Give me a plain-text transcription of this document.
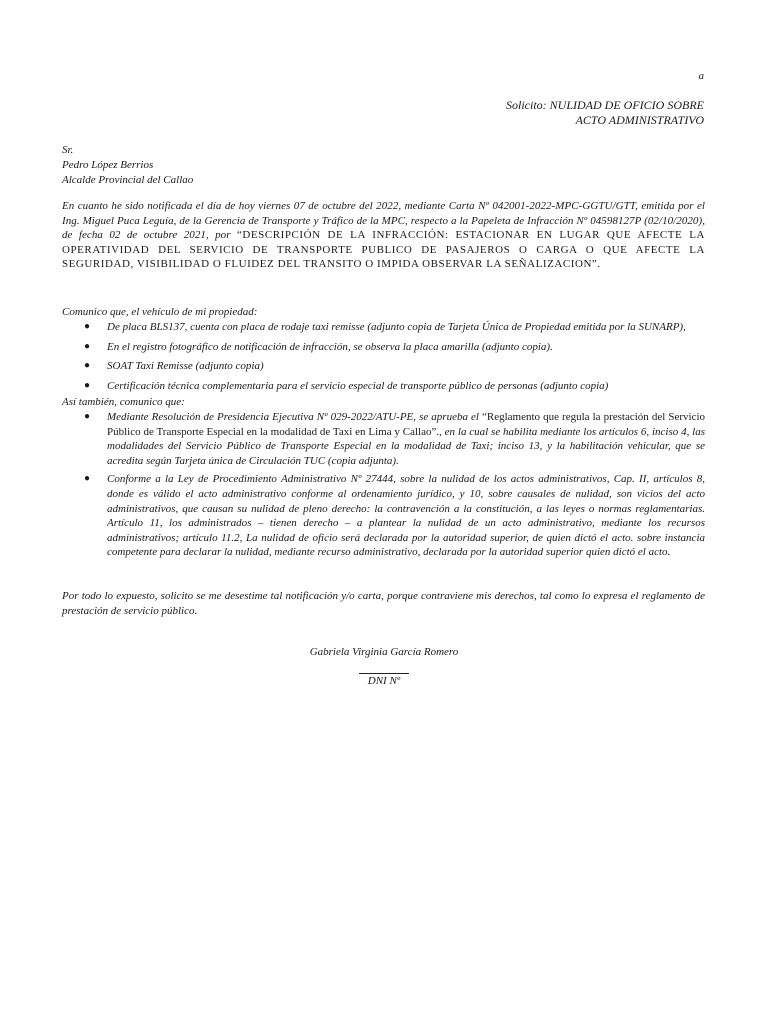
a
Solicito: NULIDAD DE OFICIO SOBRE
ACTO ADMINISTRATIVO
Sr.
Pedro López Berrios
Alcalde Provincial del Callao
En cuanto he sido notificada el día de hoy viernes 07 de octubre del 2022, mediante Carta Nº 042001-2022-MPC-GGTU/GTT, emitida por el Ing. Miguel Puca Leguía, de la Gerencia de Transporte y Tráfico de la MPC, respecto a la Papeleta de Infracción Nº 04598127P (02/10/2020), de fecha 02 de octubre 2021, por “DESCRIPCIÓN DE LA INFRACCIÓN: ESTACIONAR EN LUGAR QUE AFECTE LA OPERATIVIDAD DEL SERVICIO DE TRANSPORTE PUBLICO DE PASAJEROS O CARGA O QUE AFECTE LA SEGURIDAD, VISIBILIDAD O FLUIDEZ DEL TRANSITO O IMPIDA OBSERVAR LA SEÑALIZACION”.
Comunico que, el vehículo de mi propiedad:
● De placa BLS137, cuenta con placa de rodaje taxi remisse (adjunto copia de Tarjeta Única de Propiedad emitida por la SUNARP),
● En el registro fotográfico de notificación de infracción, se observa la placa amarilla (adjunto copia).
● SOAT Taxi Remisse (adjunto copia)
● Certificación técnica complementaria para el servicio especial de transporte público de personas (adjunto copia)
Así también, comunico que:
● Mediante Resolución de Presidencia Ejecutiva Nº 029-2022/ATU-PE, se aprueba el “Reglamento que regula la prestación del Servicio Público de Transporte Especial en la modalidad de Taxi en Lima y Callao”., en la cual se habilita mediante los artículos 6, inciso 4, las modalidades del Servicio Público de Transporte Especial en la modalidad de Taxi; inciso 13, y la habilitación vehicular, que se acredita según Tarjeta única de Circulación TUC (copia adjunta).
● Conforme a la Ley de Procedimiento Administrativo Nº 27444, sobre la nulidad de los actos administrativos, Cap. II, artículos 8, donde es válido el acto administrativo conforme al ordenamiento jurídico, y 10, sobre causales de nulidad, son vicios del acto administrativos, que causan su nulidad de pleno derecho: la contravención a la constitución, a las leyes o normas reglamentarias. Artículo 11, los administrados – tienen derecho – a plantear la nulidad de un acto administrativo, mediante los recursos administrativos; artículo 11.2, La nulidad de oficio será declarada por la autoridad superior, de quien dictó el acto. sobre instancia competente para declarar la nulidad, mediante recurso administrativo, declarada por la autoridad superior quien dictó el acto.
Por todo lo expuesto, solicito se me desestime tal notificación y/o carta, porque contraviene mis derechos, tal como lo expresa el reglamento de prestación de servicio público.
Gabriela Virginia García Romero
DNI Nº
